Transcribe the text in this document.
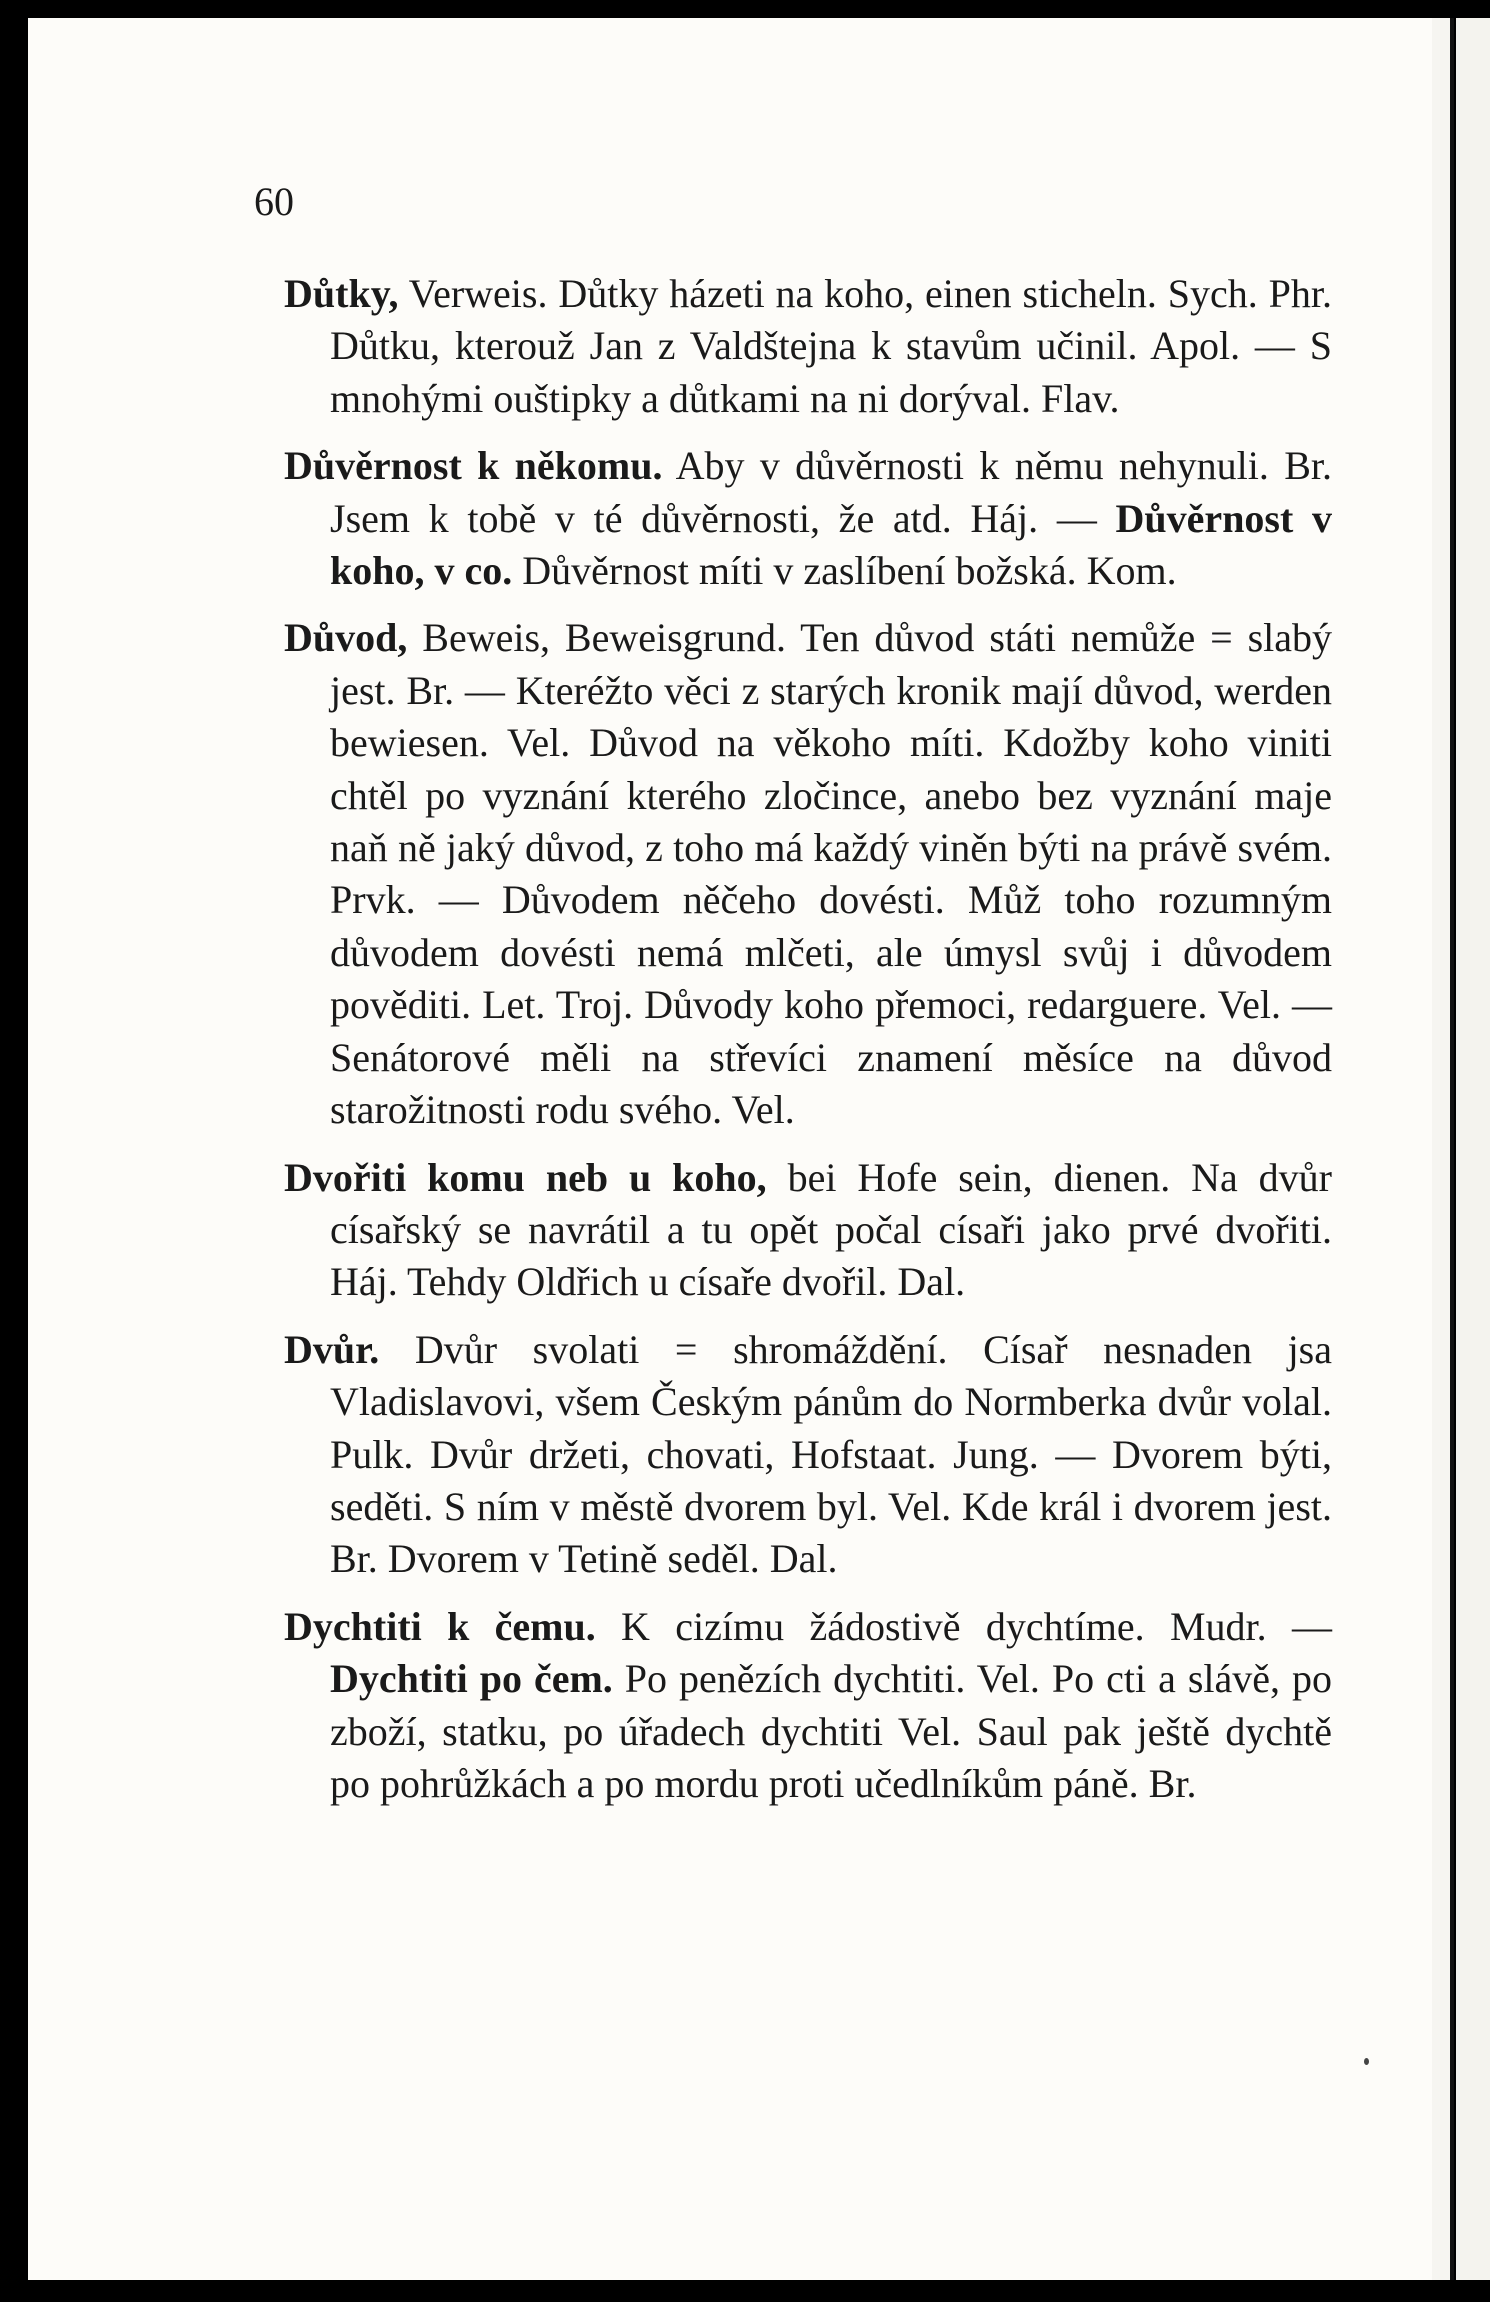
60

Důtky, Verweis. Důtky házeti na koho, einen sticheln. Sych. Phr. Důtku, kterouž Jan z Valdštejna k stavům učinil. Apol. — S mnohými ouštipky a důtkami na ni dorýval. Flav.

Důvěrnost k někomu. Aby v důvěrnosti k němu nehynuli. Br. Jsem k tobě v té důvěrnosti, že atd. Háj. — Důvěrnost v koho, v co. Důvěrnost míti v zaslíbení božská. Kom.

Důvod, Beweis, Beweisgrund. Ten důvod státi nemůže = slabý jest. Br. — Kteréžto věci z starých kronik mají důvod, werden bewiesen. Vel. Důvod na věkoho míti. Kdožby koho viniti chtěl po vyznání kterého zločince, anebo bez vyznání maje naň ně jaký důvod, z toho má každý viněn býti na právě svém. Prvk. — Důvodem něčeho dovésti. Můž toho rozumným důvodem dovésti nemá mlčeti, ale úmysl svůj i důvodem pověditi. Let. Troj. Důvody koho přemoci, redarguere. Vel. — Senátorové měli na střevíci znamení měsíce na důvod starožitnosti rodu svého. Vel.

Dvořiti komu neb u koho, bei Hofe sein, dienen. Na dvůr císařský se navrátil a tu opět počal císaři jako prvé dvořiti. Háj. Tehdy Oldřich u císaře dvořil. Dal.

Dvůr. Dvůr svolati = shromáždění. Císař nesnaden jsa Vladislavovi, všem Českým pánům do Normberka dvůr volal. Pulk. Dvůr držeti, chovati, Hofstaat. Jung. — Dvorem býti, seděti. S ním v městě dvorem byl. Vel. Kde král i dvorem jest. Br. Dvorem v Tetině seděl. Dal.

Dychtiti k čemu. K cizímu žádostivě dychtíme. Mudr. — Dychtiti po čem. Po penězích dychtiti. Vel. Po cti a slávě, po zboží, statku, po úřadech dychtiti Vel. Saul pak ještě dychtě po pohrůžkách a po mordu proti učedlníkům páně. Br.
